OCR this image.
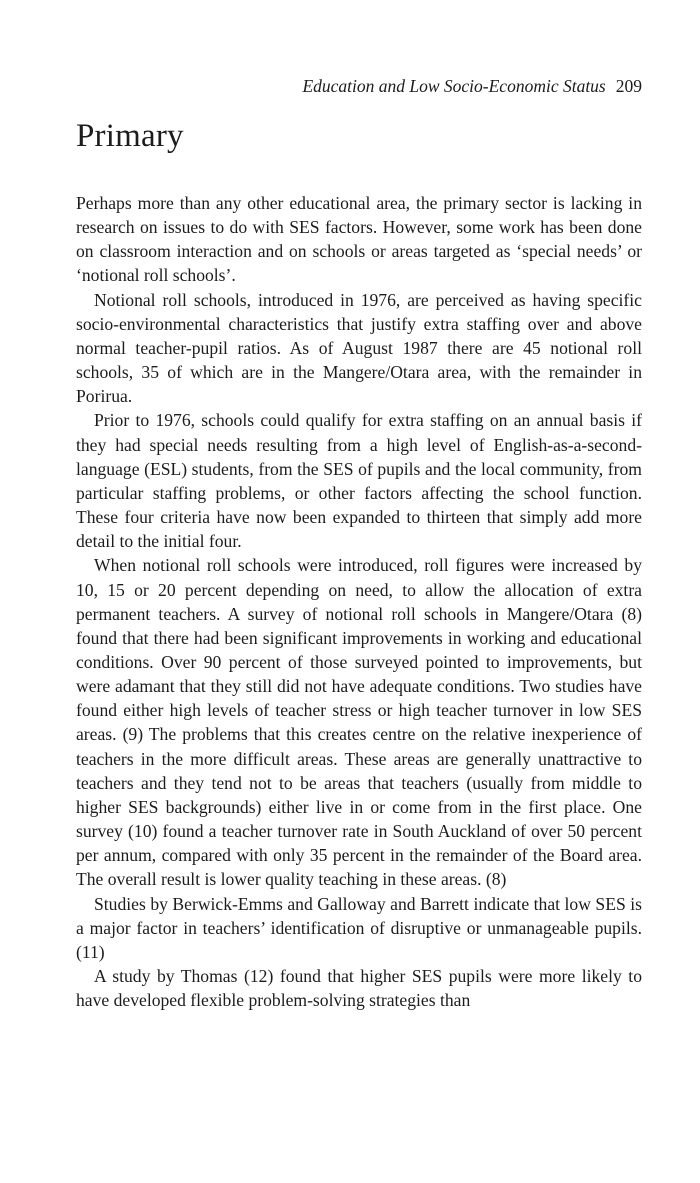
Education and Low Socio-Economic Status 209
Primary

Perhaps more than any other educational area, the primary sector is lacking in research on issues to do with SES factors. However, some work has been done on classroom interaction and on schools or areas targeted as ‘special needs’ or ‘notional roll schools’.

Notional roll schools, introduced in 1976, are perceived as having specific socio-environmental characteristics that justify extra staffing over and above normal teacher-pupil ratios. As of August 1987 there are 45 notional roll schools, 35 of which are in the Mangere/Otara area, with the remainder in Porirua.

Prior to 1976, schools could qualify for extra staffing on an annual basis if they had special needs resulting from a high level of English-as-a-second-language (ESL) students, from the SES of pupils and the local community, from particular staffing problems, or other factors affecting the school function. These four criteria have now been expanded to thirteen that simply add more detail to the initial four.

When notional roll schools were introduced, roll figures were increased by 10, 15 or 20 percent depending on need, to allow the allocation of extra permanent teachers. A survey of notional roll schools in Mangere/Otara (8) found that there had been significant improvements in working and educational conditions. Over 90 percent of those surveyed pointed to improvements, but were adamant that they still did not have adequate conditions. Two studies have found either high levels of teacher stress or high teacher turnover in low SES areas. (9) The problems that this creates centre on the relative inexperience of teachers in the more difficult areas. These areas are generally unattractive to teachers and they tend not to be areas that teachers (usually from middle to higher SES backgrounds) either live in or come from in the first place. One survey (10) found a teacher turnover rate in South Auckland of over 50 percent per annum, compared with only 35 percent in the remainder of the Board area. The overall result is lower quality teaching in these areas. (8)

Studies by Berwick-Emms and Galloway and Barrett indicate that low SES is a major factor in teachers’ identification of disruptive or unmanageable pupils. (11)

A study by Thomas (12) found that higher SES pupils were more likely to have developed flexible problem-solving strategies than
